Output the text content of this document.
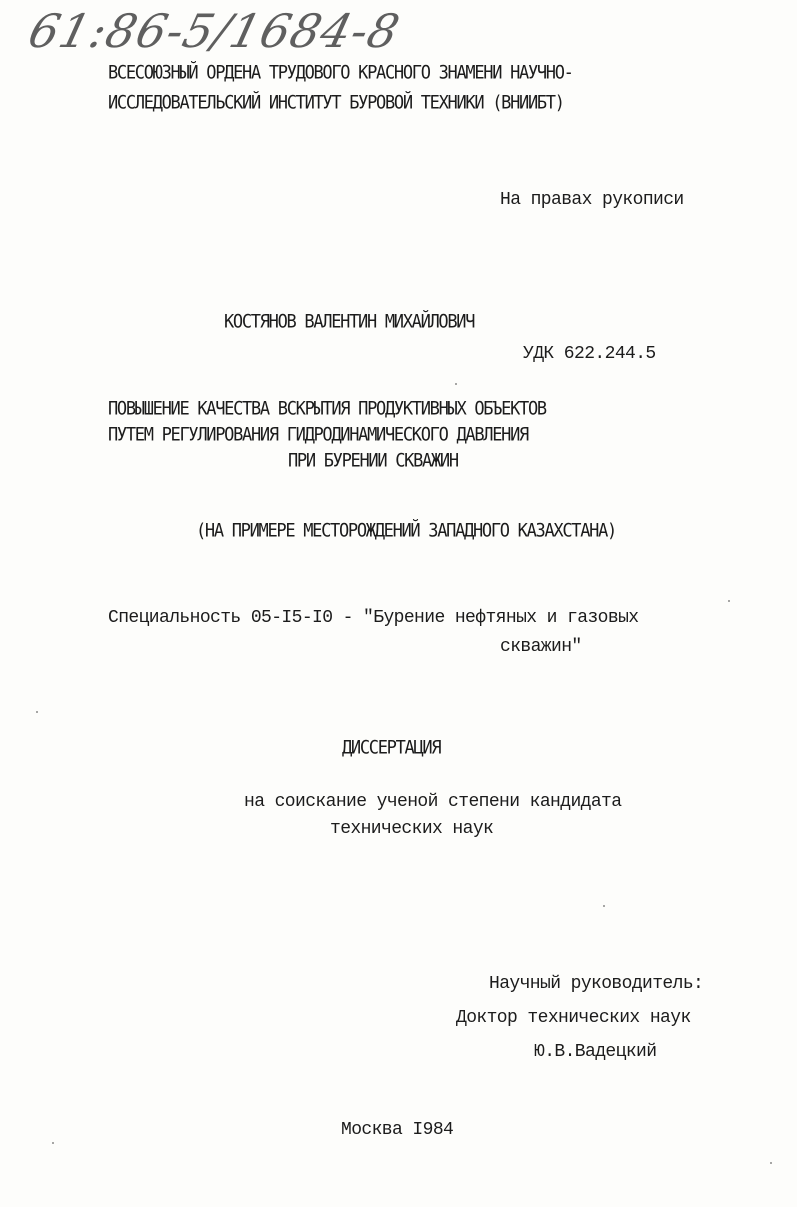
61:86-5/1684-8
ВСЕСОЮЗНЫЙ ОРДЕНА ТРУДОВОГО КРАСНОГО ЗНАМЕНИ НАУЧНО-
ИССЛЕДОВАТЕЛЬСКИЙ ИНСТИТУТ БУРОВОЙ ТЕХНИКИ (ВНИИБТ)
На правах рукописи
КОСТЯНОВ ВАЛЕНТИН МИХАЙЛОВИЧ
УДК 622.244.5
ПОВЫШЕНИЕ КАЧЕСТВА ВСКРЫТИЯ ПРОДУКТИВНЫХ ОБЪЕКТОВ
ПУТЕМ РЕГУЛИРОВАНИЯ ГИДРОДИНАМИЧЕСКОГО ДАВЛЕНИЯ
ПРИ БУРЕНИИ СКВАЖИН
(НА ПРИМЕРЕ МЕСТОРОЖДЕНИЙ ЗАПАДНОГО КАЗАХСТАНА)
Специальность 05-I5-I0 - "Бурение нефтяных и газовых
скважин"
ДИССЕРТАЦИЯ
на соискание ученой степени кандидата
технических наук
Научный руководитель:
Доктор технических наук
Ю.В.Вадецкий
Москва I984
